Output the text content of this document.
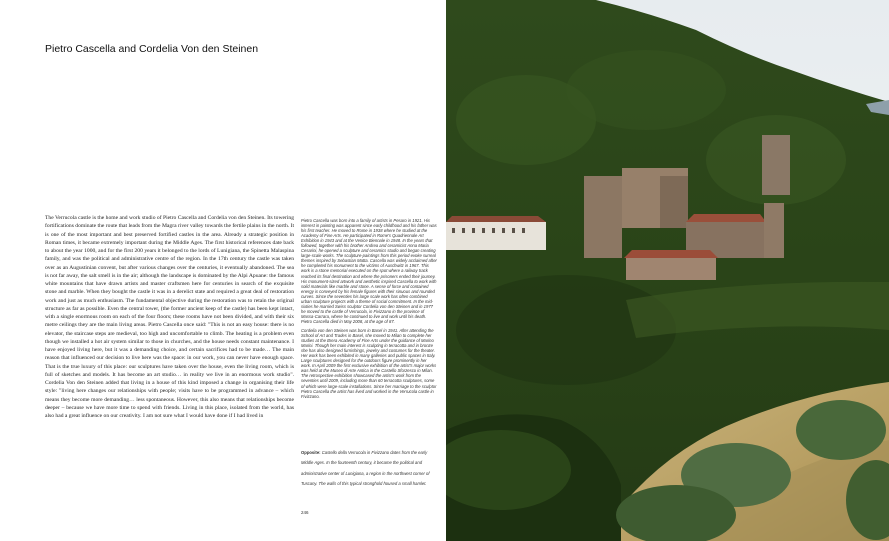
Pietro Cascella and Cordelia Von den Steinen
The Verrucola castle is the home and work studio of Pietro Cascella and Cordelia von den Steinen. Its towering fortifications dominate the route that leads from the Magra river valley towards the fertile plains in the north. It is one of the most important and best preserved fortified castles in the area. Already a strategic position in Roman times, it became extremely important during the Middle Ages. The first historical references date back to about the year 1000, and for the first 200 years it belonged to the lords of Lunigiana, the Spinetta Malaspina family, and was the political and administrative centre of the region. In the 17th century the castle was taken over as an Augustinian convent, but after various changes over the centuries, it eventually abandoned. The sea is not far away, the salt smell is in the air; although the landscape is dominated by the Alpi Apuane: the famous white mountains that have drawn artists and master craftsmen here for centuries in search of the exquisite stone and marble. When they bought the castle it was in a derelict state and required a great deal of restoration work and just as much enthusiasm. The fundamental objective during the restoration was to retain the original structure as far as possible. Even the central tower, (the former ancient keep of the castle) has been kept intact, with a single enormous room on each of the four floors; these rooms have not been divided, and with their six metre ceilings they are the main living areas. Pietro Cascella once said: "This is not an easy house: there is no elevator, the staircase steps are medieval, too high and uncomfortable to climb. The heating is a problem even though we installed a hot air system similar to those in churches, and the house needs constant maintenance. I have enjoyed living here, but it was a demanding choice, and certain sacrifices had to be made… The main reason that influenced our decision to live here was the space: in our work, you can never have enough space. That is the true luxury of this place: our sculptures have taken over the house, even the living room, which is full of sketches and models. It has become an art studio… in reality we live in an enormous work studio". Cordelia Von den Steinen added that living in a house of this kind imposed a change in organising their life style: "living here changes our relationships with people; visits have to be programmed in advance – which means they become more demanding… less spontaneous. However, this also means that relationships become deeper – because we have more time to spend with friends. Living in this place, isolated from the world, has also had a great influence on our creativity. I am not sure what I would have done if I had lived in

Pietro Cascella was born into a family of artists in Pesaro in 1921. His interest in painting was apparent since early childhood and his father was his first teacher. He moved to Rome in 1938 where he studied at the Academy of Fine Arts. He participated in Rome's Quadriennale Art Exhibition in 1943 and at the Venice Biennale in 1948. In the years that followed, together with his brother Andrea and ceramicist Anna Maria Cesarini, he opened a sculpture and ceramics studio and began creating large-scale works. The sculpture-paintings from this period evoke surreal themes inspired by Sebastian Matta. Cascella was widely acclaimed after he completed his monument to the victims of Auschwitz in 1967. This work is a stone memorial executed on the spot where a railway track reached its final destination and where the prisoners ended their journey. His monument-sized artwork and aesthetic inspired Cascella to work with solid materials like marble and stone. A sense of force and contained energy is conveyed by his female figures with their sinuous and rounded curves. Since the seventies his large scale work has often combined urban sculpture projects with a theme of social commitment. In the mid-sixties he married Swiss sculptor Cordelia von den Steinen and in 1977 he moved to the castle of Verrucola, in Fivizzano in the province of Massa-Carrara, where he continued to live and work until his death. Pietro Cascella died in May 2008, at the age of 87.

Cordelia von den Steinen was born in Basel in 1941. After attending the School of Art and Trades in Basel, she moved to Milan to complete her studies at the Brera Academy of Fine Arts under the guidance of Marino Marini. Though her main interest is sculpting in terracotta and in bronze she has also designed furnishings, jewelry and costumes for the theater. Her work has been exhibited in many galleries and public spaces in Italy. Large sculptures designed for the outdoors figure prominently in her work. In April 2009 the first exclusive exhibition of the artist's major works was held at the Museo di Arte Antica in the Castello Sforzesco in Milan. The retrospective exhibition showcased the artist's work from the seventies until 2009, including more than 60 terracotta sculptures, some of which were large-scale installations. Since her marriage to the sculptor Pietro Cascella the artist has lived and worked in the Verrucola castle in Fivizzano.

Opposite: Castello della Verrucola in Fivizzano dates from the early Middle Ages. In the fourteenth century, it became the political and administrative center of Lunigiana, a region in the northwest corner of Tuscany. The walls of this typical stronghold housed a small hamlet.
246
